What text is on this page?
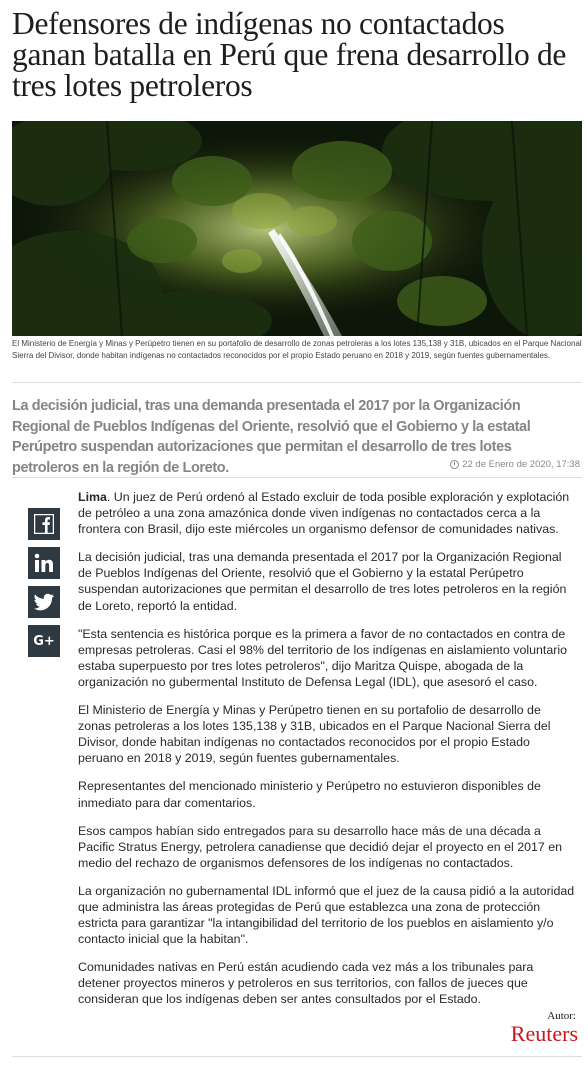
Defensores de indígenas no contactados ganan batalla en Perú que frena desarrollo de tres lotes petroleros

El Ministerio de Energía y Minas y Perúpetro tienen en su portafolio de desarrollo de zonas petroleras a los lotes 135,138 y 31B, ubicados en el Parque Nacional Sierra del Divisor, donde habitan indígenas no contactados reconocidos por el propio Estado peruano en 2018 y 2019, según fuentes gubernamentales.

La decisión judicial, tras una demanda presentada el 2017 por la Organización Regional de Pueblos Indígenas del Oriente, resolvió que el Gobierno y la estatal Perúpetro suspendan autorizaciones que permitan el desarrollo de tres lotes petroleros en la región de Loreto.	22 de Enero de 2020, 17:38
G+

Lima. Un juez de Perú ordenó al Estado excluir de toda posible exploración y explotación de petróleo a una zona amazónica donde viven indígenas no contactados cerca a la frontera con Brasil, dijo este miércoles un organismo defensor de comunidades nativas.

La decisión judicial, tras una demanda presentada el 2017 por la Organización Regional de Pueblos Indígenas del Oriente, resolvió que el Gobierno y la estatal Perúpetro suspendan autorizaciones que permitan el desarrollo de tres lotes petroleros en la región de Loreto, reportó la entidad.

"Esta sentencia es histórica porque es la primera a favor de no contactados en contra de empresas petroleras. Casi el 98% del territorio de los indígenas en aislamiento voluntario estaba superpuesto por tres lotes petroleros", dijo Maritza Quispe, abogada de la organización no gubermental Instituto de Defensa Legal (IDL), que asesoró el caso.

El Ministerio de Energía y Minas y Perúpetro tienen en su portafolio de desarrollo de zonas petroleras a los lotes 135,138 y 31B, ubicados en el Parque Nacional Sierra del Divisor, donde habitan indígenas no contactados reconocidos por el propio Estado peruano en 2018 y 2019, según fuentes gubernamentales.

Representantes del mencionado ministerio y Perúpetro no estuvieron disponibles de inmediato para dar comentarios.

Esos campos habían sido entregados para su desarrollo hace más de una década a Pacific Stratus Energy, petrolera canadiense que decidió dejar el proyecto en el 2017 en medio del rechazo de organismos defensores de los indígenas no contactados.

La organización no gubernamental IDL informó que el juez de la causa pidió a la autoridad que administra las áreas protegidas de Perú que establezca una zona de protección estricta para garantizar "la intangibilidad del territorio de los pueblos en aislamiento y/o contacto inicial que la habitan".

Comunidades nativas en Perú están acudiendo cada vez más a los tribunales para detener proyectos mineros y petroleros en sus territorios, con fallos de jueces que consideran que los indígenas deben ser antes consultados por el Estado.

Autor:
Reuters
